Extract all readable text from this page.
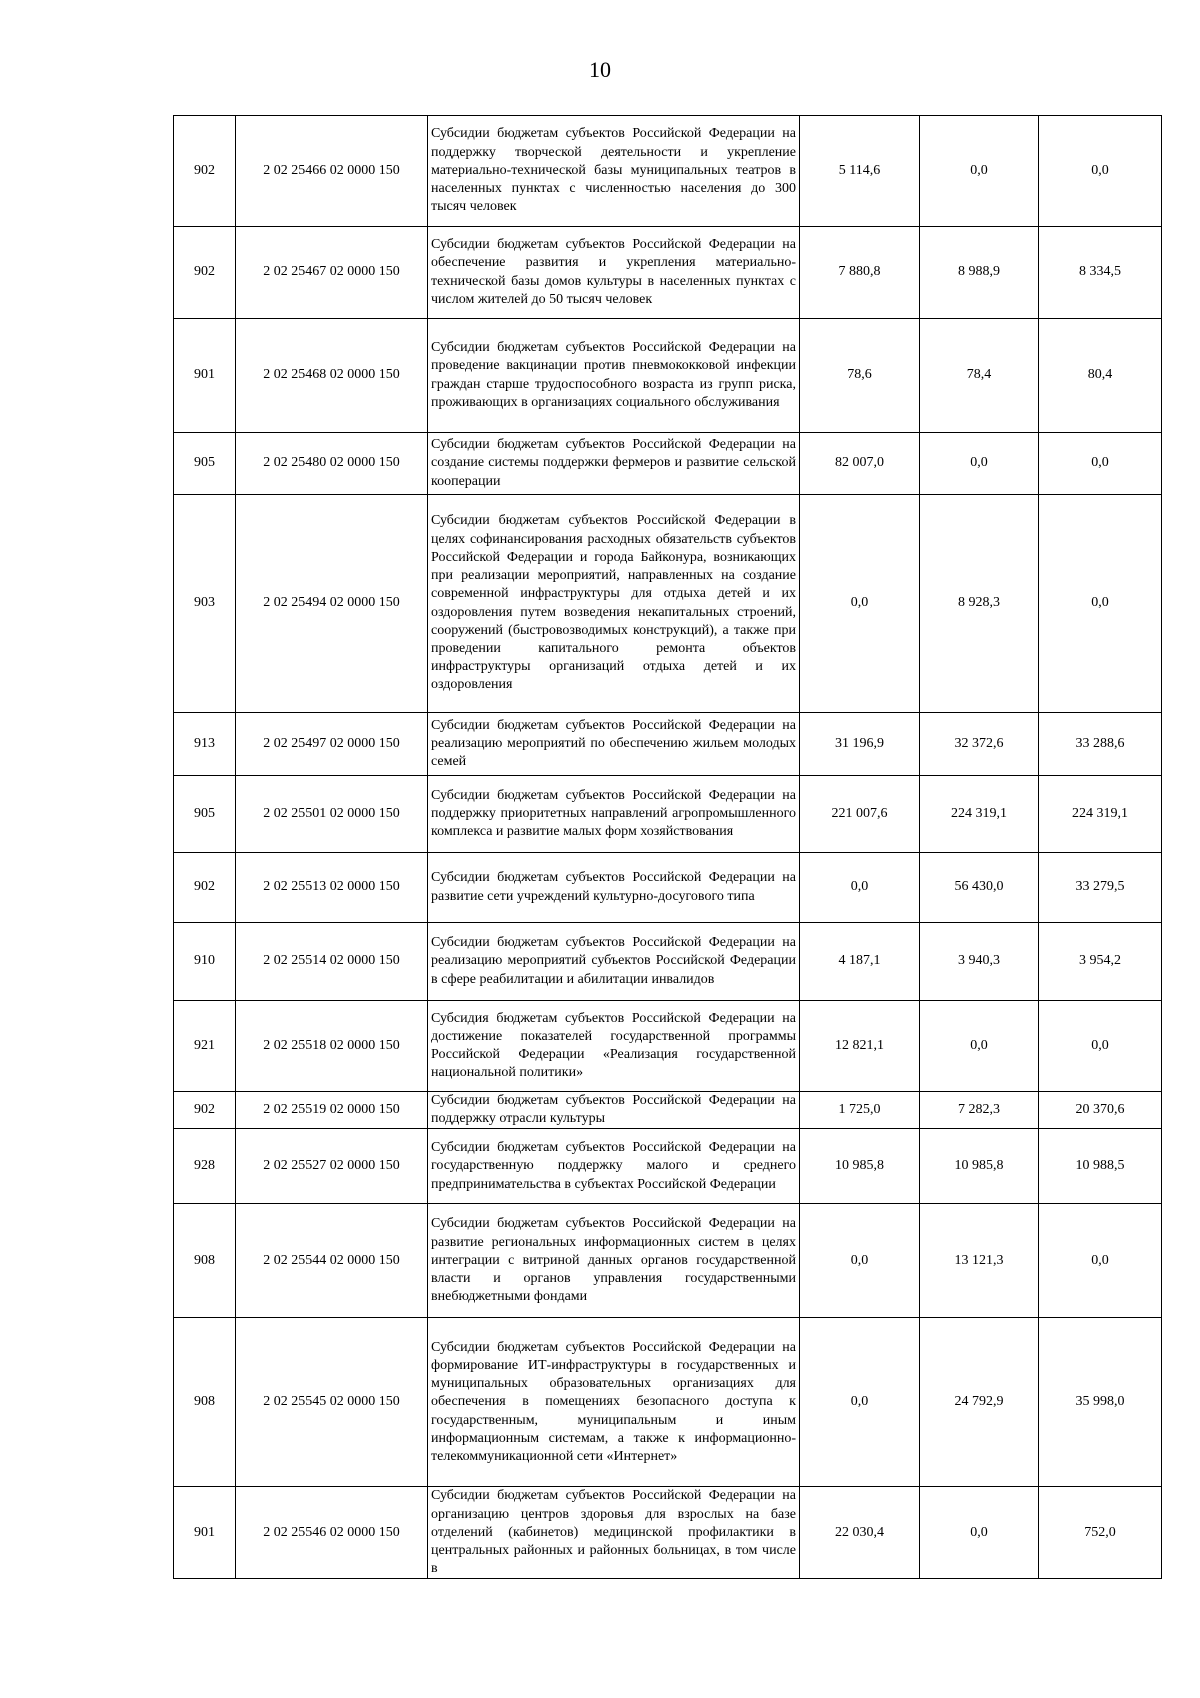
10
902	2 02 25466 02 0000 150	Субсидии бюджетам субъектов Российской Федерации на поддержку творческой деятельности и укрепление материально-технической базы муниципальных театров в населенных пунктах с численностью населения до 300 тысяч человек	5 114,6	0,0	0,0
902	2 02 25467 02 0000 150	Субсидии бюджетам субъектов Российской Федерации на обеспечение развития и укрепления материально-технической базы домов культуры в населенных пунктах с числом жителей до 50 тысяч человек	7 880,8	8 988,9	8 334,5
901	2 02 25468 02 0000 150	Субсидии бюджетам субъектов Российской Федерации на проведение вакцинации против пневмококковой инфекции граждан старше трудоспособного возраста из групп риска, проживающих в организациях социального обслуживания	78,6	78,4	80,4
905	2 02 25480 02 0000 150	Субсидии бюджетам субъектов Российской Федерации на создание системы поддержки фермеров и развитие сельской кооперации	82 007,0	0,0	0,0
903	2 02 25494 02 0000 150	Субсидии бюджетам субъектов Российской Федерации в целях софинансирования расходных обязательств субъектов Российской Федерации и города Байконура, возникающих при реализации мероприятий, направленных на создание современной инфраструктуры для отдыха детей и их оздоровления путем возведения некапитальных строений, сооружений (быстровозводимых конструкций), а также при проведении капитального ремонта объектов инфраструктуры организаций отдыха детей и их оздоровления	0,0	8 928,3	0,0
913	2 02 25497 02 0000 150	Субсидии бюджетам субъектов Российской Федерации на реализацию мероприятий по обеспечению жильем молодых семей	31 196,9	32 372,6	33 288,6
905	2 02 25501 02 0000 150	Субсидии бюджетам субъектов Российской Федерации на поддержку приоритетных направлений агропромышленного комплекса и развитие малых форм хозяйствования	221 007,6	224 319,1	224 319,1
902	2 02 25513 02 0000 150	Субсидии бюджетам субъектов Российской Федерации на развитие сети учреждений культурно-досугового типа	0,0	56 430,0	33 279,5
910	2 02 25514 02 0000 150	Субсидии бюджетам субъектов Российской Федерации на реализацию мероприятий субъектов Российской Федерации в сфере реабилитации и абилитации инвалидов	4 187,1	3 940,3	3 954,2
921	2 02 25518 02 0000 150	Субсидия бюджетам субъектов Российской Федерации на достижение показателей государственной программы Российской Федерации «Реализация государственной национальной политики»	12 821,1	0,0	0,0
902	2 02 25519 02 0000 150	Субсидии бюджетам субъектов Российской Федерации на поддержку отрасли культуры	1 725,0	7 282,3	20 370,6
928	2 02 25527 02 0000 150	Субсидии бюджетам субъектов Российской Федерации на государственную поддержку малого и среднего предпринимательства в субъектах Российской Федерации	10 985,8	10 985,8	10 988,5
908	2 02 25544 02 0000 150	Субсидии бюджетам субъектов Российской Федерации на развитие региональных информационных систем в целях интеграции с витриной данных органов государственной власти и органов управления государственными внебюджетными фондами	0,0	13 121,3	0,0
908	2 02 25545 02 0000 150	Субсидии бюджетам субъектов Российской Федерации на формирование ИТ-инфраструктуры в государственных и муниципальных образовательных организациях для обеспечения в помещениях безопасного доступа к государственным, муниципальным и иным информационным системам, а также к информационно-телекоммуникационной сети «Интернет»	0,0	24 792,9	35 998,0
901	2 02 25546 02 0000 150	Субсидии бюджетам субъектов Российской Федерации на организацию центров здоровья для взрослых на базе отделений (кабинетов) медицинской профилактики в центральных районных и районных больницах, в том числе в	22 030,4	0,0	752,0
